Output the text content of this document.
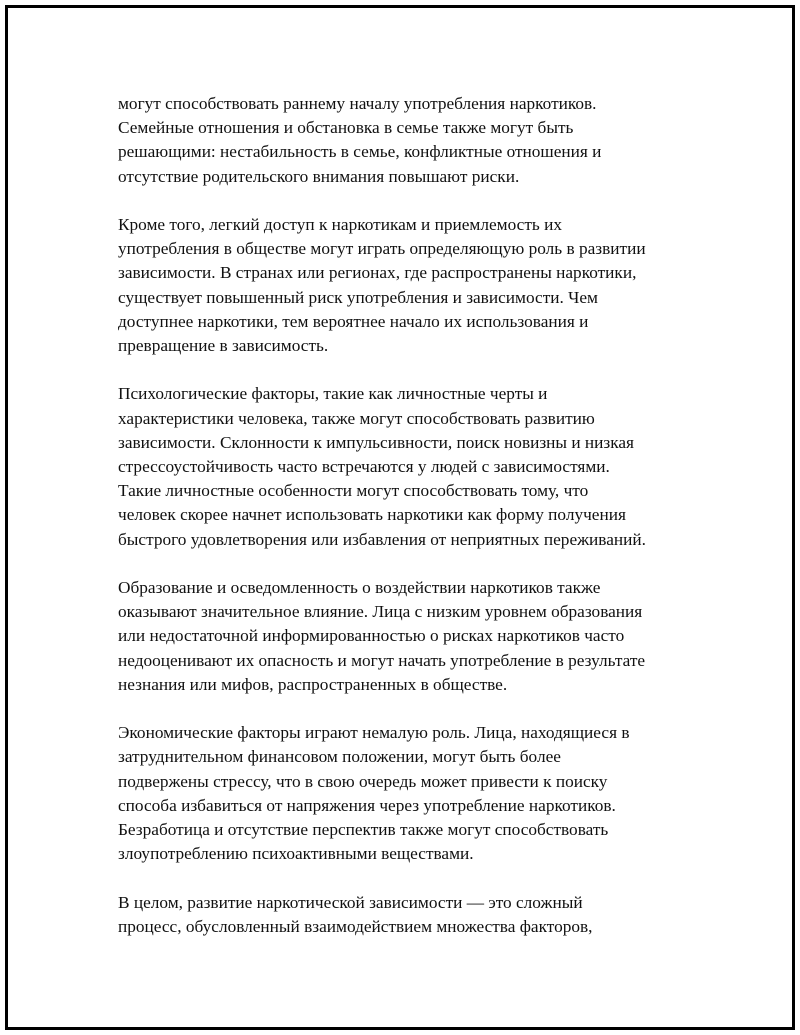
могут способствовать раннему началу употребления наркотиков.
Семейные отношения и обстановка в семье также могут быть
решающими: нестабильность в семье, конфликтные отношения и
отсутствие родительского внимания повышают риски.

Кроме того, легкий доступ к наркотикам и приемлемость их
употребления в обществе могут играть определяющую роль в развитии
зависимости. В странах или регионах, где распространены наркотики,
существует повышенный риск употребления и зависимости. Чем
доступнее наркотики, тем вероятнее начало их использования и
превращение в зависимость.

Психологические факторы, такие как личностные черты и
характеристики человека, также могут способствовать развитию
зависимости. Склонности к импульсивности, поиск новизны и низкая
стрессоустойчивость часто встречаются у людей с зависимостями.
Такие личностные особенности могут способствовать тому, что
человек скорее начнет использовать наркотики как форму получения
быстрого удовлетворения или избавления от неприятных переживаний.

Образование и осведомленность о воздействии наркотиков также
оказывают значительное влияние. Лица с низким уровнем образования
или недостаточной информированностью о рисках наркотиков часто
недооценивают их опасность и могут начать употребление в результате
незнания или мифов, распространенных в обществе.

Экономические факторы играют немалую роль. Лица, находящиеся в
затруднительном финансовом положении, могут быть более
подвержены стрессу, что в свою очередь может привести к поиску
способа избавиться от напряжения через употребление наркотиков.
Безработица и отсутствие перспектив также могут способствовать
злоупотреблению психоактивными веществами.

В целом, развитие наркотической зависимости — это сложный
процесс, обусловленный взаимодействием множества факторов,
